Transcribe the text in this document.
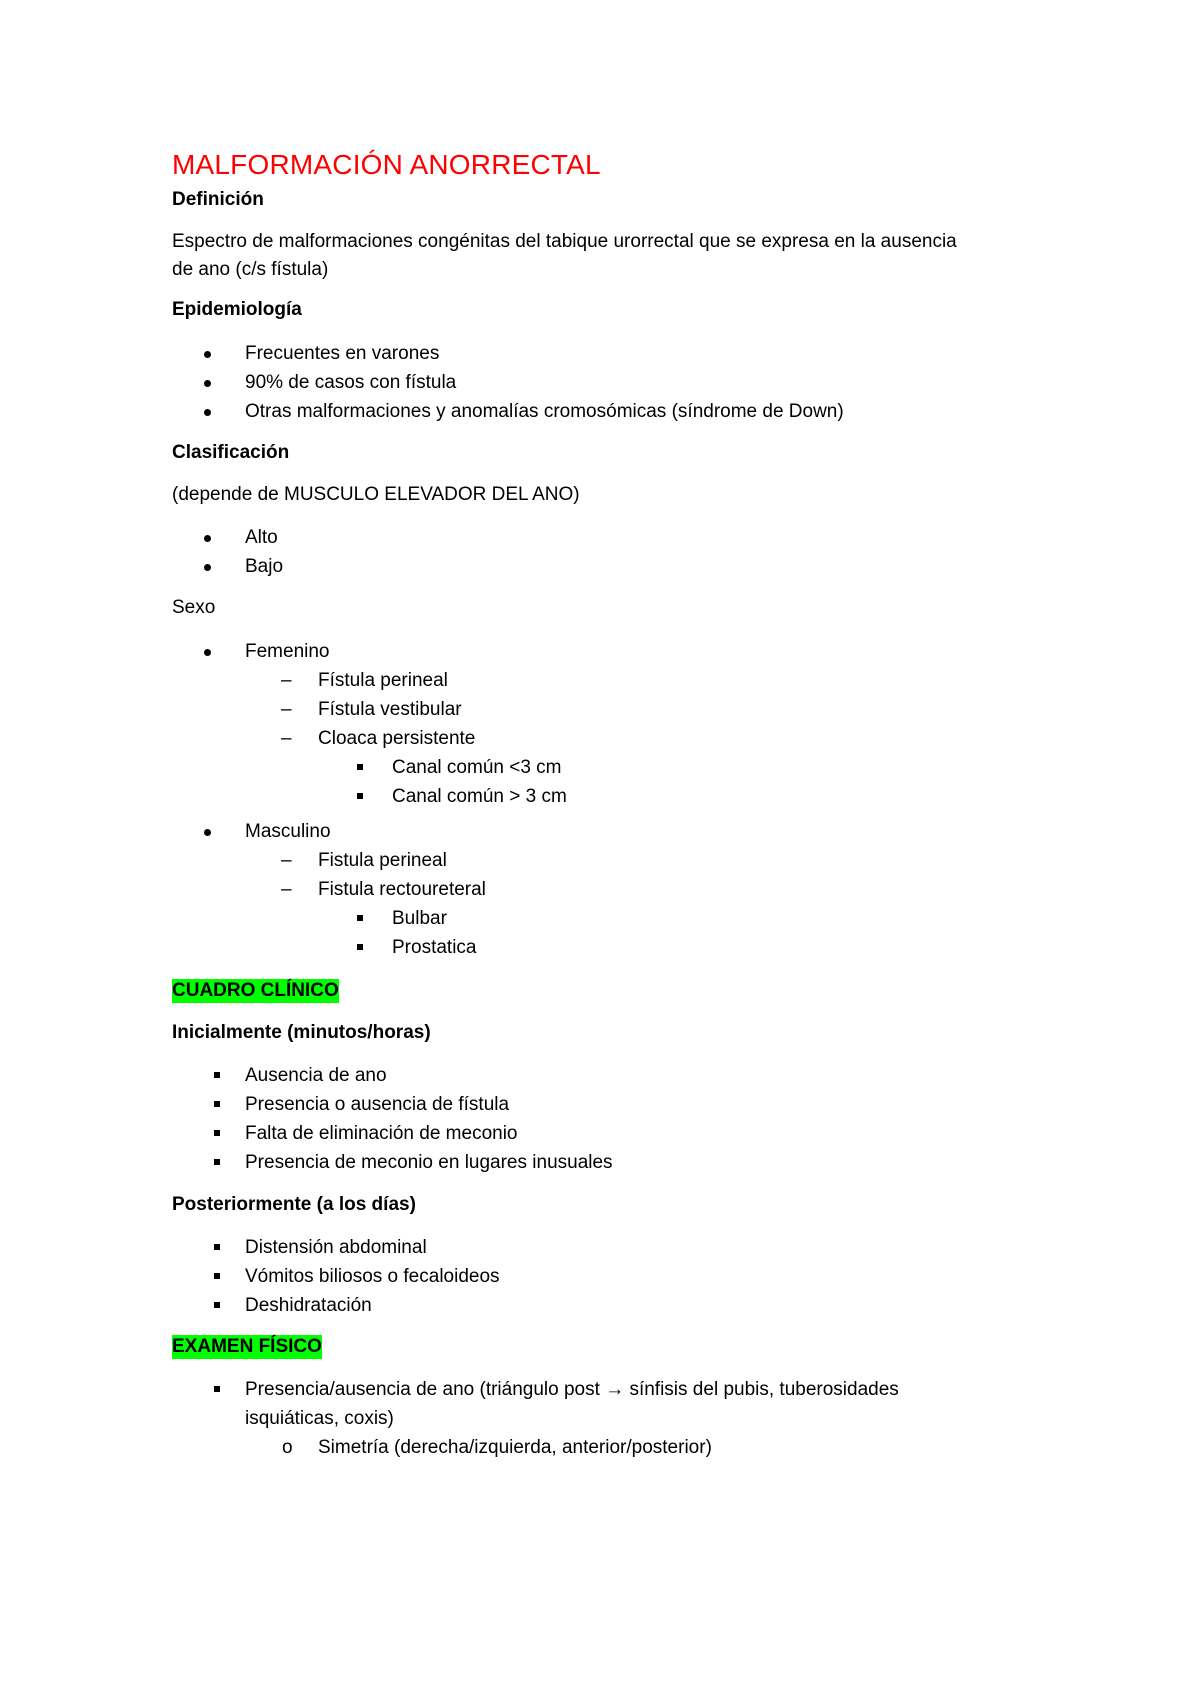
MALFORMACIÓN ANORRECTAL
Definición
Espectro de malformaciones congénitas del tabique urorrectal que se expresa en la ausencia
de ano (c/s fístula)
Epidemiología
Frecuentes en varones
90% de casos con fístula
Otras malformaciones y anomalías cromosómicas (síndrome de Down)
Clasificación
(depende de MUSCULO ELEVADOR DEL ANO)
Alto
Bajo
Sexo
Femenino
– Fístula perineal
– Fístula vestibular
– Cloaca persistente
Canal común <3 cm
Canal común > 3 cm
Masculino
– Fistula perineal
– Fistula rectoureteral
Bulbar
Prostatica
CUADRO CLÍNICO
Inicialmente (minutos/horas)
Ausencia de ano
Presencia o ausencia de fístula
Falta de eliminación de meconio
Presencia de meconio en lugares inusuales
Posteriormente (a los días)
Distensión abdominal
Vómitos biliosos o fecaloideos
Deshidratación
EXAMEN FÍSICO
Presencia/ausencia de ano (triángulo post → sínfisis del pubis, tuberosidades
isquiáticas, coxis)
o Simetría (derecha/izquierda, anterior/posterior)
